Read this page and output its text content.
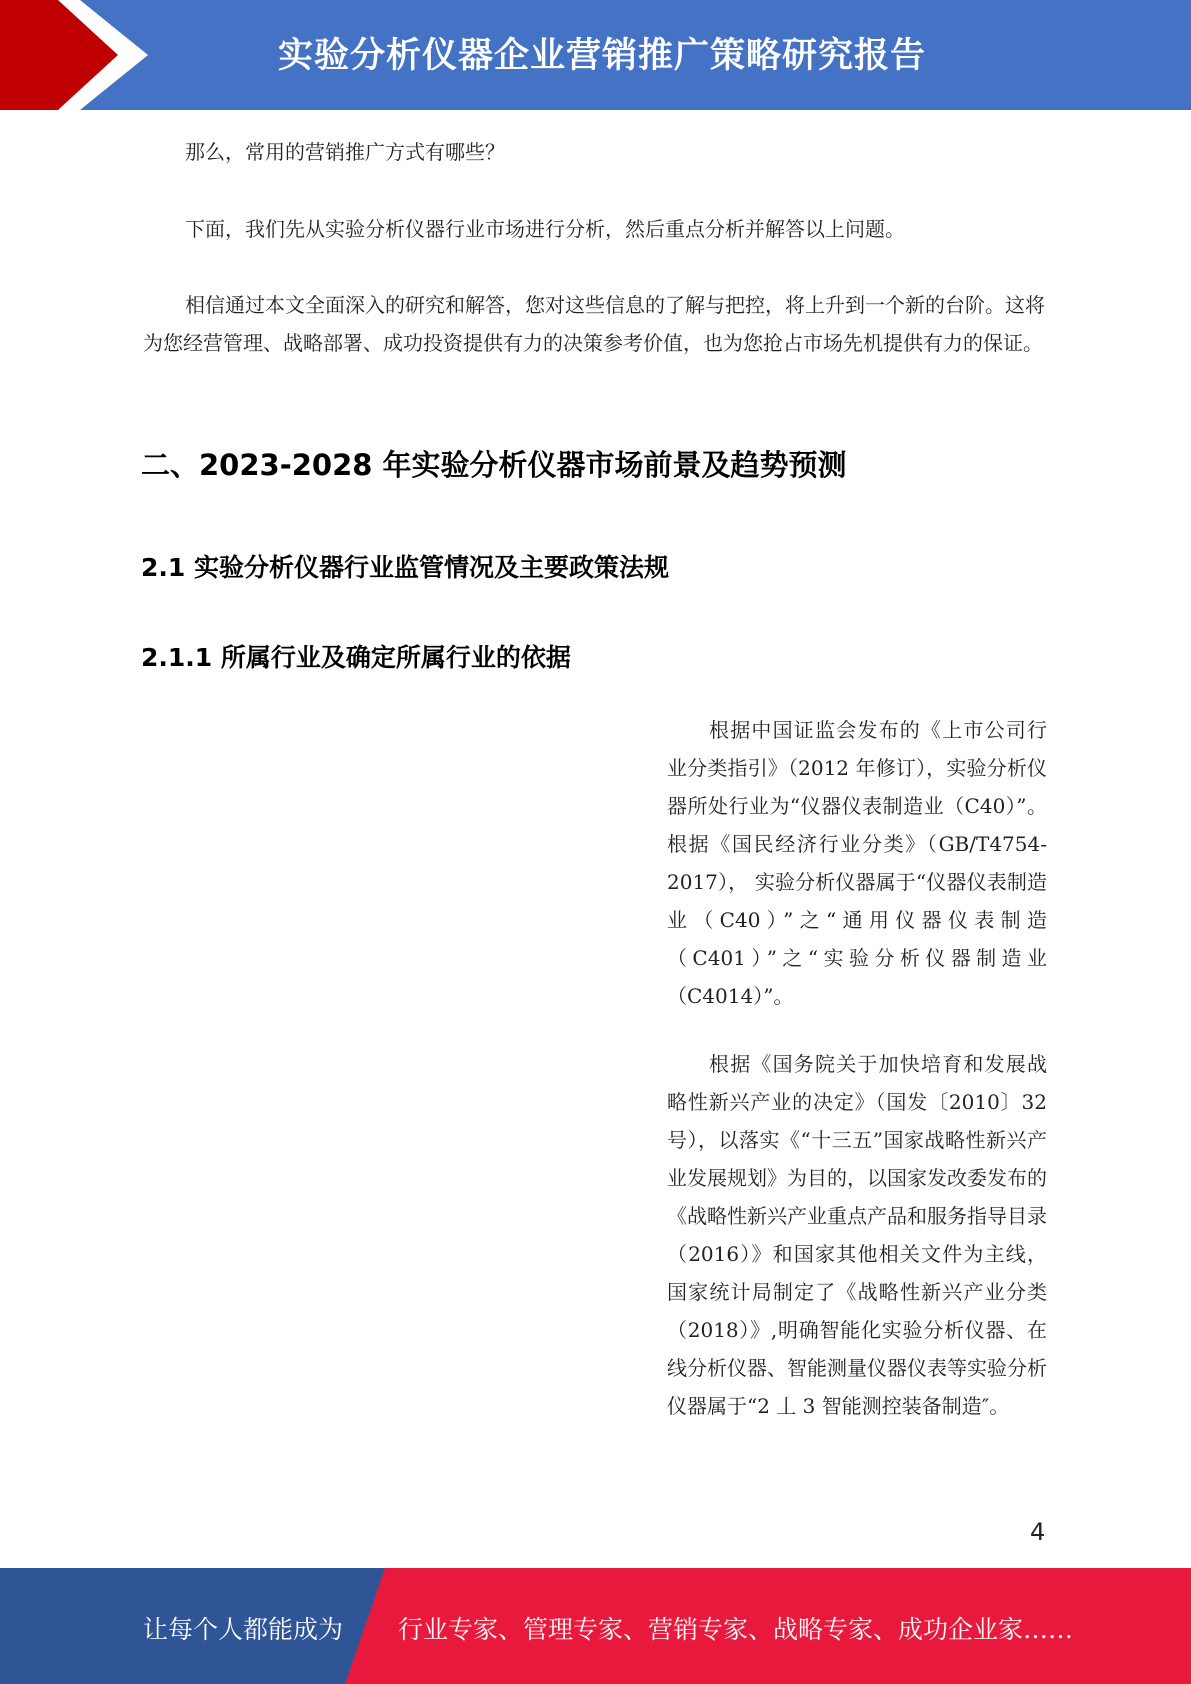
实验分析仪器企业营销推广策略研究报告
那么，常用的营销推广方式有哪些？
下面，我们先从实验分析仪器行业市场进行分析，然后重点分析并解答以上问题。
相信通过本文全面深入的研究和解答，您对这些信息的了解与把控，将上升到一个新的台阶。这将为您经营管理、战略部署、成功投资提供有力的决策参考价值，也为您抢占市场先机提供有力的保证。
二、2023-2028 年实验分析仪器市场前景及趋势预测
2.1 实验分析仪器行业监管情况及主要政策法规
2.1.1 所属行业及确定所属行业的依据
根据中国证监会发布的《上市公司行业分类指引》（2012 年修订），实验分析仪器所处行业为“仪器仪表制造业（C40）”。根据《国民经济行业分类》（GB/T4754-2017）， 实验分析仪器属于“仪器仪表制造业（C40）”之“通用仪器仪表制造（C401）”之“实验分析仪器制造业（C4014）”。
根据《国务院关于加快培育和发展战略性新兴产业的决定》（国发〔2010〕32 号），以落实《“十三五”国家战略性新兴产业发展规划》为目的，以国家发改委发布的《战略性新兴产业重点产品和服务指导目录（2016）》和国家其他相关文件为主线，国家统计局制定了《战略性新兴产业分类（2018）》,明确智能化实验分析仪器、在线分析仪器、智能测量仪器仪表等实验分析仪器属于“2 丄 3 智能测控装备制造″。
4
让每个人都能成为 行业专家、管理专家、营销专家、战略专家、成功企业家……
